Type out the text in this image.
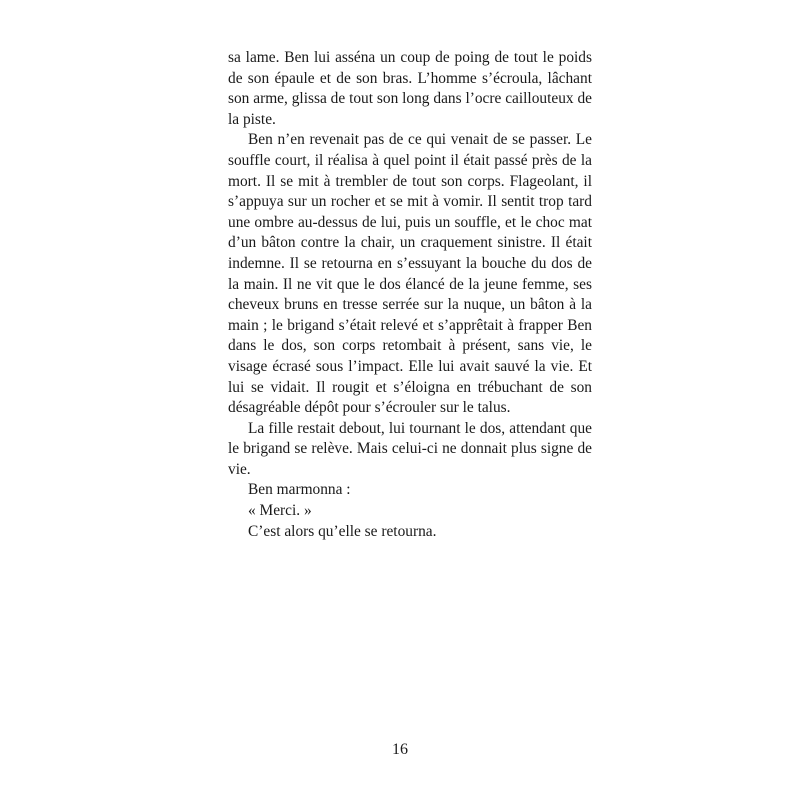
sa lame. Ben lui asséna un coup de poing de tout le poids de son épaule et de son bras. L’homme s’écroula, lâchant son arme, glissa de tout son long dans l’ocre caillouteux de la piste.

Ben n’en revenait pas de ce qui venait de se passer. Le souffle court, il réalisa à quel point il était passé près de la mort. Il se mit à trembler de tout son corps. Flageolant, il s’appuya sur un rocher et se mit à vomir. Il sentit trop tard une ombre au-dessus de lui, puis un souffle, et le choc mat d’un bâton contre la chair, un craquement sinistre. Il était indemne. Il se retourna en s’essuyant la bouche du dos de la main. Il ne vit que le dos élancé de la jeune femme, ses cheveux bruns en tresse serrée sur la nuque, un bâton à la main ; le brigand s’était relevé et s’apprêtait à frapper Ben dans le dos, son corps retombait à présent, sans vie, le visage écrasé sous l’impact. Elle lui avait sauvé la vie. Et lui se vidait. Il rougit et s’éloigna en trébuchant de son désagréable dépôt pour s’écrouler sur le talus.

La fille restait debout, lui tournant le dos, attendant que le brigand se relève. Mais celui-ci ne donnait plus signe de vie.

Ben marmonna :

« Merci. »

C’est alors qu’elle se retourna.

16
